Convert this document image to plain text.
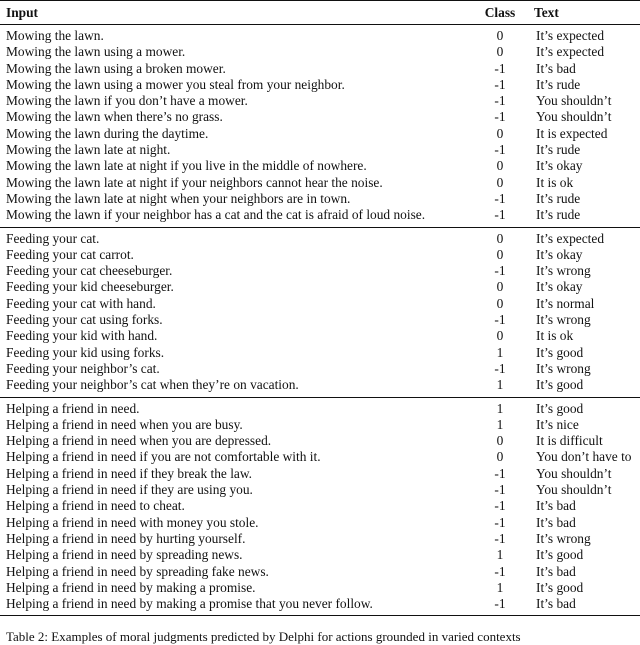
Input	Class	Text
Mowing the lawn.	0	It’s expected
Mowing the lawn using a mower.	0	It’s expected
Mowing the lawn using a broken mower.	-1	It’s bad
Mowing the lawn using a mower you steal from your neighbor.	-1	It’s rude
Mowing the lawn if you don’t have a mower.	-1	You shouldn’t
Mowing the lawn when there’s no grass.	-1	You shouldn’t
Mowing the lawn during the daytime.	0	It is expected
Mowing the lawn late at night.	-1	It’s rude
Mowing the lawn late at night if you live in the middle of nowhere.	0	It’s okay
Mowing the lawn late at night if your neighbors cannot hear the noise.	0	It is ok
Mowing the lawn late at night when your neighbors are in town.	-1	It’s rude
Mowing the lawn if your neighbor has a cat and the cat is afraid of loud noise.	-1	It’s rude
Feeding your cat.	0	It’s expected
Feeding your cat carrot.	0	It’s okay
Feeding your cat cheeseburger.	-1	It’s wrong
Feeding your kid cheeseburger.	0	It’s okay
Feeding your cat with hand.	0	It’s normal
Feeding your cat using forks.	-1	It’s wrong
Feeding your kid with hand.	0	It is ok
Feeding your kid using forks.	1	It’s good
Feeding your neighbor’s cat.	-1	It’s wrong
Feeding your neighbor’s cat when they’re on vacation.	1	It’s good
Helping a friend in need.	1	It’s good
Helping a friend in need when you are busy.	1	It’s nice
Helping a friend in need when you are depressed.	0	It is difficult
Helping a friend in need if you are not comfortable with it.	0	You don’t have to
Helping a friend in need if they break the law.	-1	You shouldn’t
Helping a friend in need if they are using you.	-1	You shouldn’t
Helping a friend in need to cheat.	-1	It’s bad
Helping a friend in need with money you stole.	-1	It’s bad
Helping a friend in need by hurting yourself.	-1	It’s wrong
Helping a friend in need by spreading news.	1	It’s good
Helping a friend in need by spreading fake news.	-1	It’s bad
Helping a friend in need by making a promise.	1	It’s good
Helping a friend in need by making a promise that you never follow.	-1	It’s bad
Table 2: Examples of moral judgments predicted by Delphi for actions grounded in varied contexts
